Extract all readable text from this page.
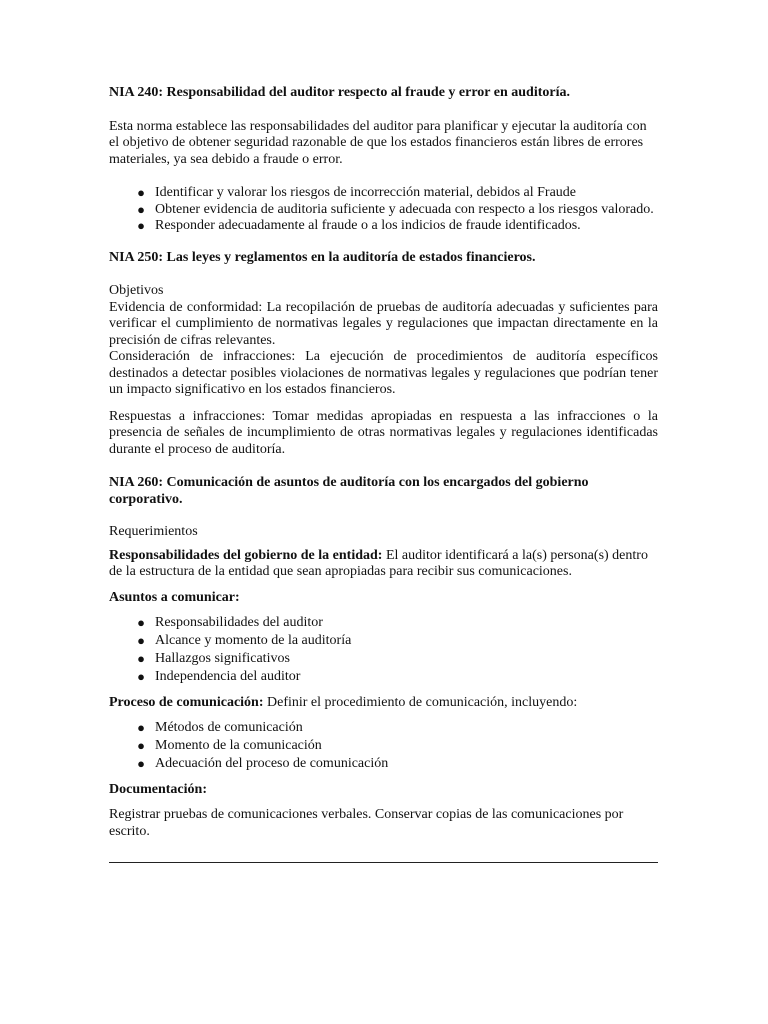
NIA 240: Responsabilidad del auditor respecto al fraude y error en auditoría.

Esta norma establece las responsabilidades del auditor para planificar y ejecutar la auditoría con el objetivo de obtener seguridad razonable de que los estados financieros están libres de errores materiales, ya sea debido a fraude o error.

● Identificar y valorar los riesgos de incorrección material, debidos al Fraude
● Obtener evidencia de auditoria suficiente y adecuada con respecto a los riesgos valorado.
● Responder adecuadamente al fraude o a los indicios de fraude identificados.

NIA 250: Las leyes y reglamentos en la auditoría de estados financieros.

Objetivos

Evidencia de conformidad: La recopilación de pruebas de auditoría adecuadas y suficientes para verificar el cumplimiento de normativas legales y regulaciones que impactan directamente en la precisión de cifras relevantes.

Consideración de infracciones: La ejecución de procedimientos de auditoría específicos destinados a detectar posibles violaciones de normativas legales y regulaciones que podrían tener un impacto significativo en los estados financieros.

Respuestas a infracciones: Tomar medidas apropiadas en respuesta a las infracciones o la presencia de señales de incumplimiento de otras normativas legales y regulaciones identificadas durante el proceso de auditoría.

NIA 260: Comunicación de asuntos de auditoría con los encargados del gobierno corporativo.

Requerimientos

Responsabilidades del gobierno de la entidad: El auditor identificará a la(s) persona(s) dentro de la estructura de la entidad que sean apropiadas para recibir sus comunicaciones.

Asuntos a comunicar:

● Responsabilidades del auditor
● Alcance y momento de la auditoría
● Hallazgos significativos
● Independencia del auditor

Proceso de comunicación: Definir el procedimiento de comunicación, incluyendo:

● Métodos de comunicación
● Momento de la comunicación
● Adecuación del proceso de comunicación

Documentación:

Registrar pruebas de comunicaciones verbales. Conservar copias de las comunicaciones por escrito.
